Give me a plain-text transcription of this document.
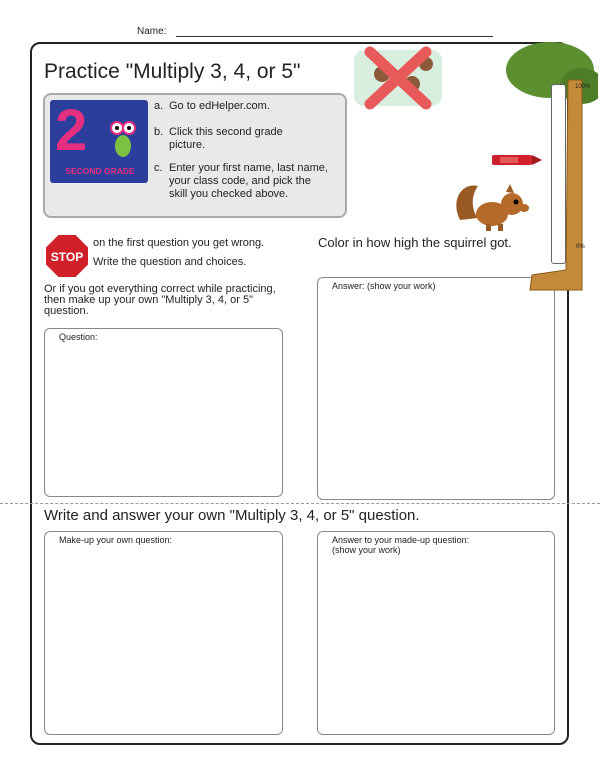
Name:
Practice "Multiply 3, 4, or 5"
2
SECOND GRADE
a. Go to edHelper.com.
b. Click this second grade picture.
c. Enter your first name, last name, your class code, and pick the skill you checked above.
STOP
on the first question you get wrong.
Write the question and choices.
Or if you got everything correct while practicing, then make up your own "Multiply 3, 4, or 5" question.
Question:
Color in how high the squirrel got.
Answer: (show your work)
100%
0%
Write and answer your own "Multiply 3, 4, or 5" question.
Make-up your own question:	Answer to your made-up question:
(show your work)
